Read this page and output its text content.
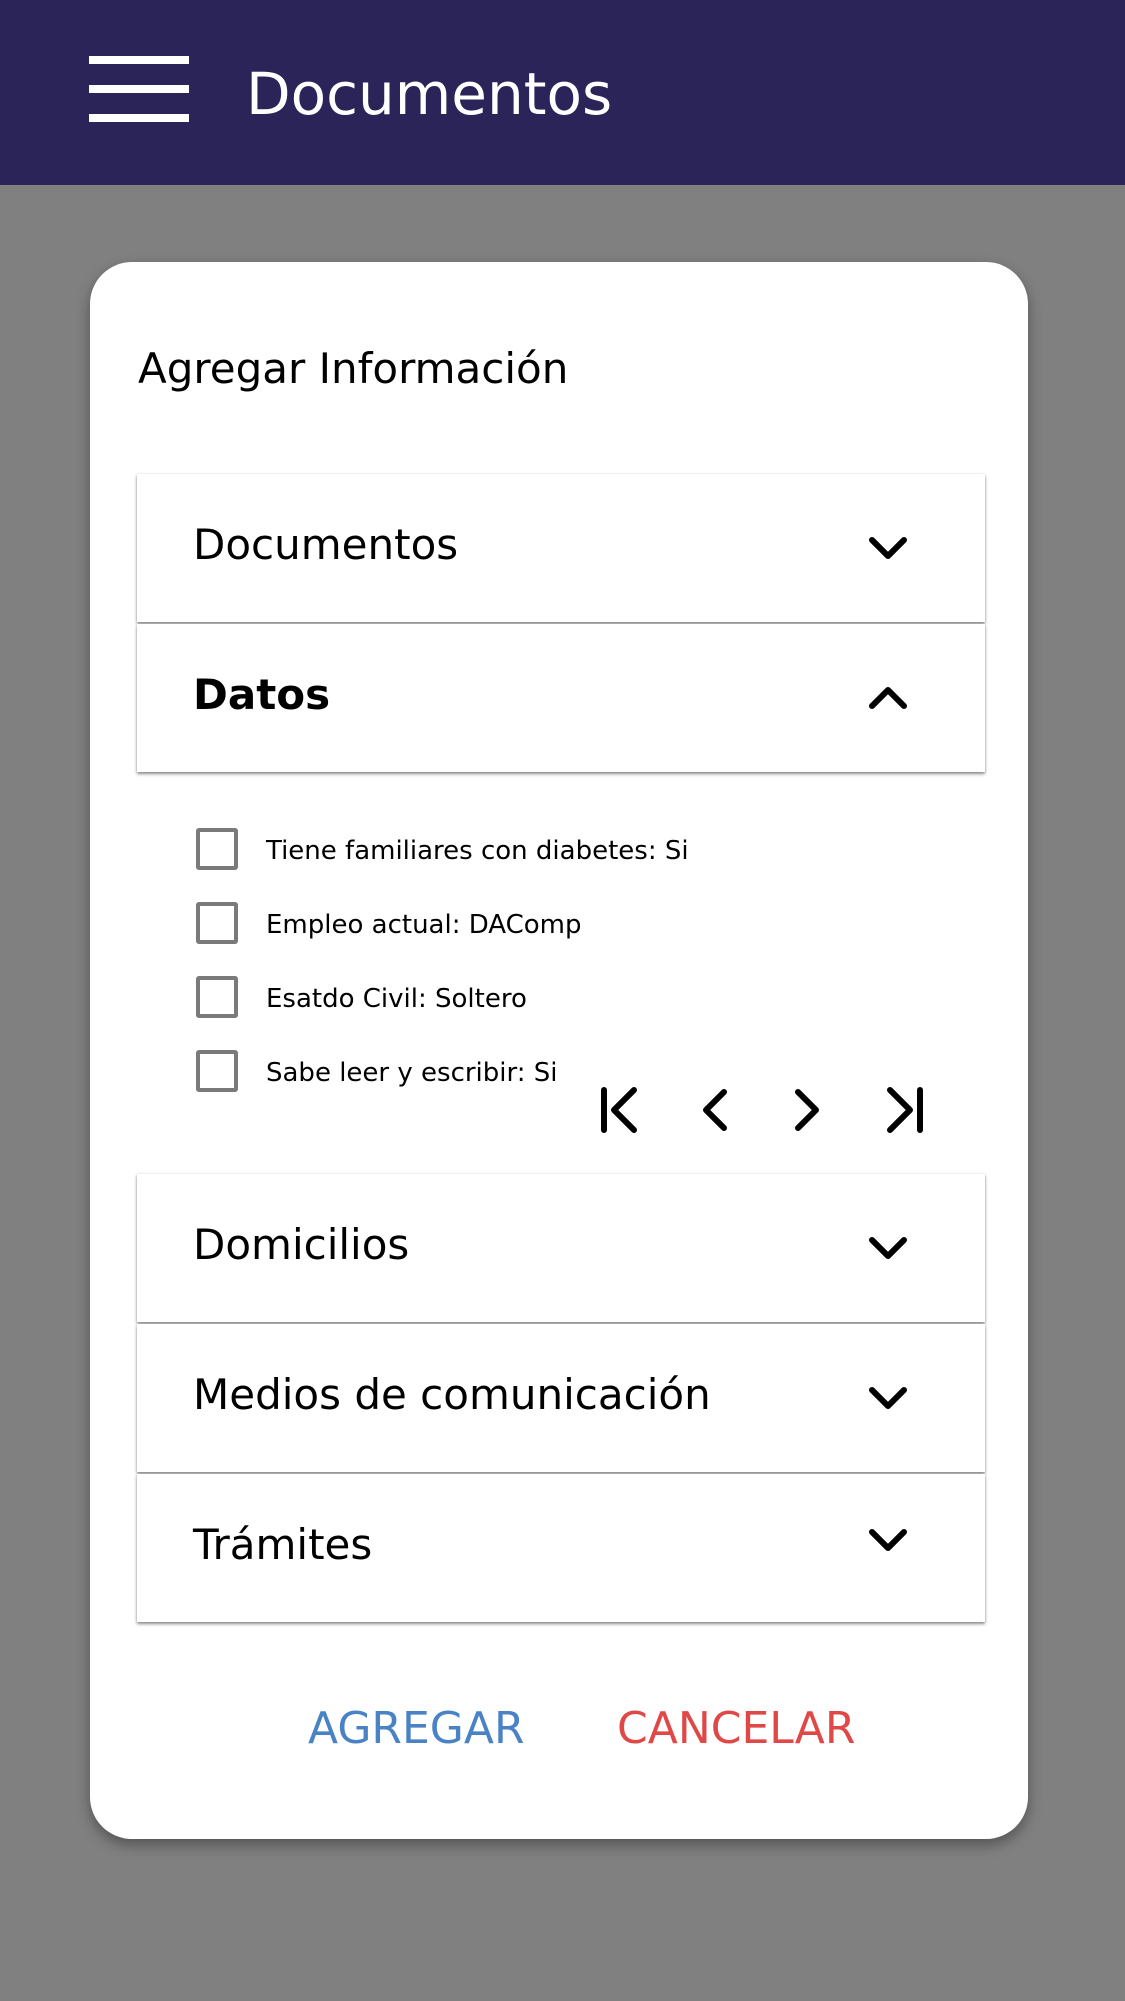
Documentos
Agregar Información
Documentos
Datos
Tiene familiares con diabetes: Si
Empleo actual: DAComp
Esatdo Civil: Soltero
Sabe leer y escribir: Si
Domicilios
Medios de comunicación
Trámites
AGREGAR CANCELAR
